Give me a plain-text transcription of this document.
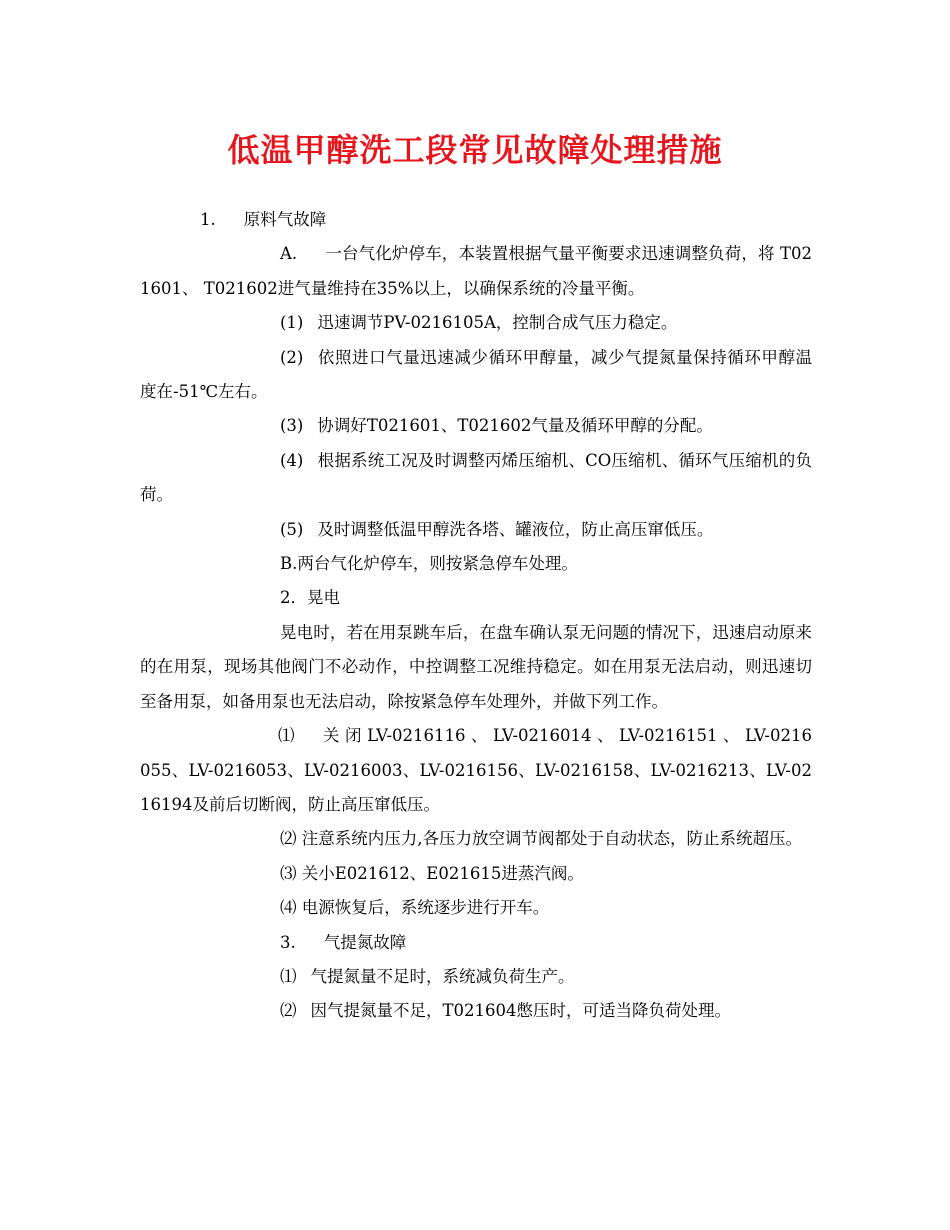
低温甲醇洗工段常见故障处理措施

1. 原料气故障

A. 一台气化炉停车，本装置根据气量平衡要求迅速调整负荷，将 T021601、 T021602进气量维持在35%以上，以确保系统的冷量平衡。

(1) 迅速调节PV-0216105A，控制合成气压力稳定。

(2) 依照进口气量迅速减少循环甲醇量，减少气提氮量保持循环甲醇温度在-51℃左右。

(3) 协调好T021601、T021602气量及循环甲醇的分配。

(4) 根据系统工况及时调整丙烯压缩机、CO压缩机、循环气压缩机的负荷。

(5) 及时调整低温甲醇洗各塔、罐液位，防止高压窜低压。

B.两台气化炉停车，则按紧急停车处理。

2．晃电

晃电时，若在用泵跳车后，在盘车确认泵无问题的情况下，迅速启动原来的在用泵，现场其他阀门不必动作，中控调整工况维持稳定。如在用泵无法启动，则迅速切至备用泵，如备用泵也无法启动，除按紧急停车处理外，并做下列工作。

⑴ 关 闭 LV-0216116 、 LV-0216014 、 LV-0216151 、 LV-0216055、LV-0216053、LV-0216003、LV-0216156、LV-0216158、LV-0216213、LV-0216194及前后切断阀，防止高压窜低压。

⑵ 注意系统内压力,各压力放空调节阀都处于自动状态，防止系统超压。

⑶ 关小E021612、E021615进蒸汽阀。

⑷ 电源恢复后，系统逐步进行开车。

3. 气提氮故障

⑴ 气提氮量不足时，系统减负荷生产。

⑵ 因气提氮量不足，T021604憋压时，可适当降负荷处理。
